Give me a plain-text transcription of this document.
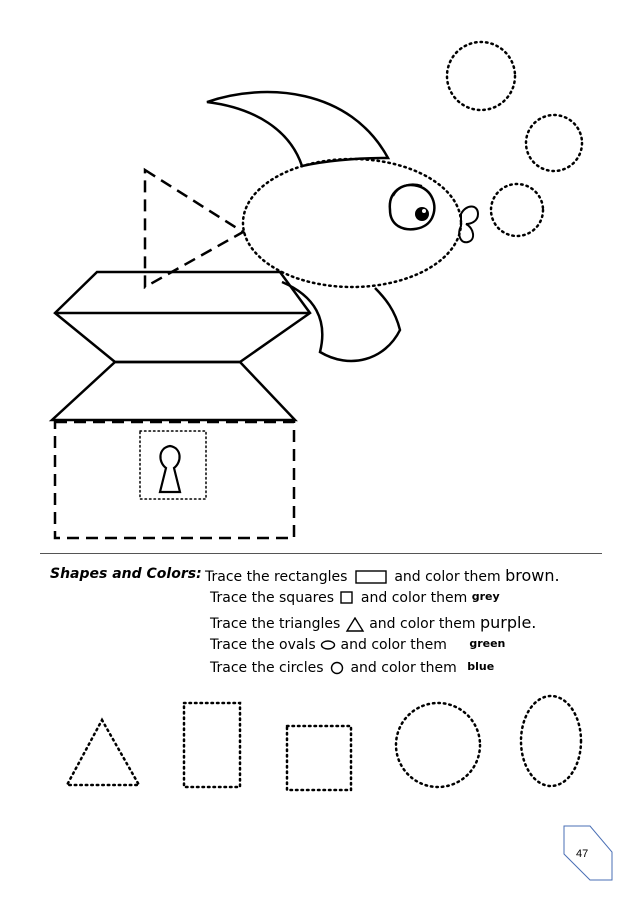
Shapes and Colors: Trace the rectangles	and color them brown.
Trace the squares and color them grey
Trace the triangles and color them purple.
Trace the ovals and color them green
Trace the circles and color them blue
47
